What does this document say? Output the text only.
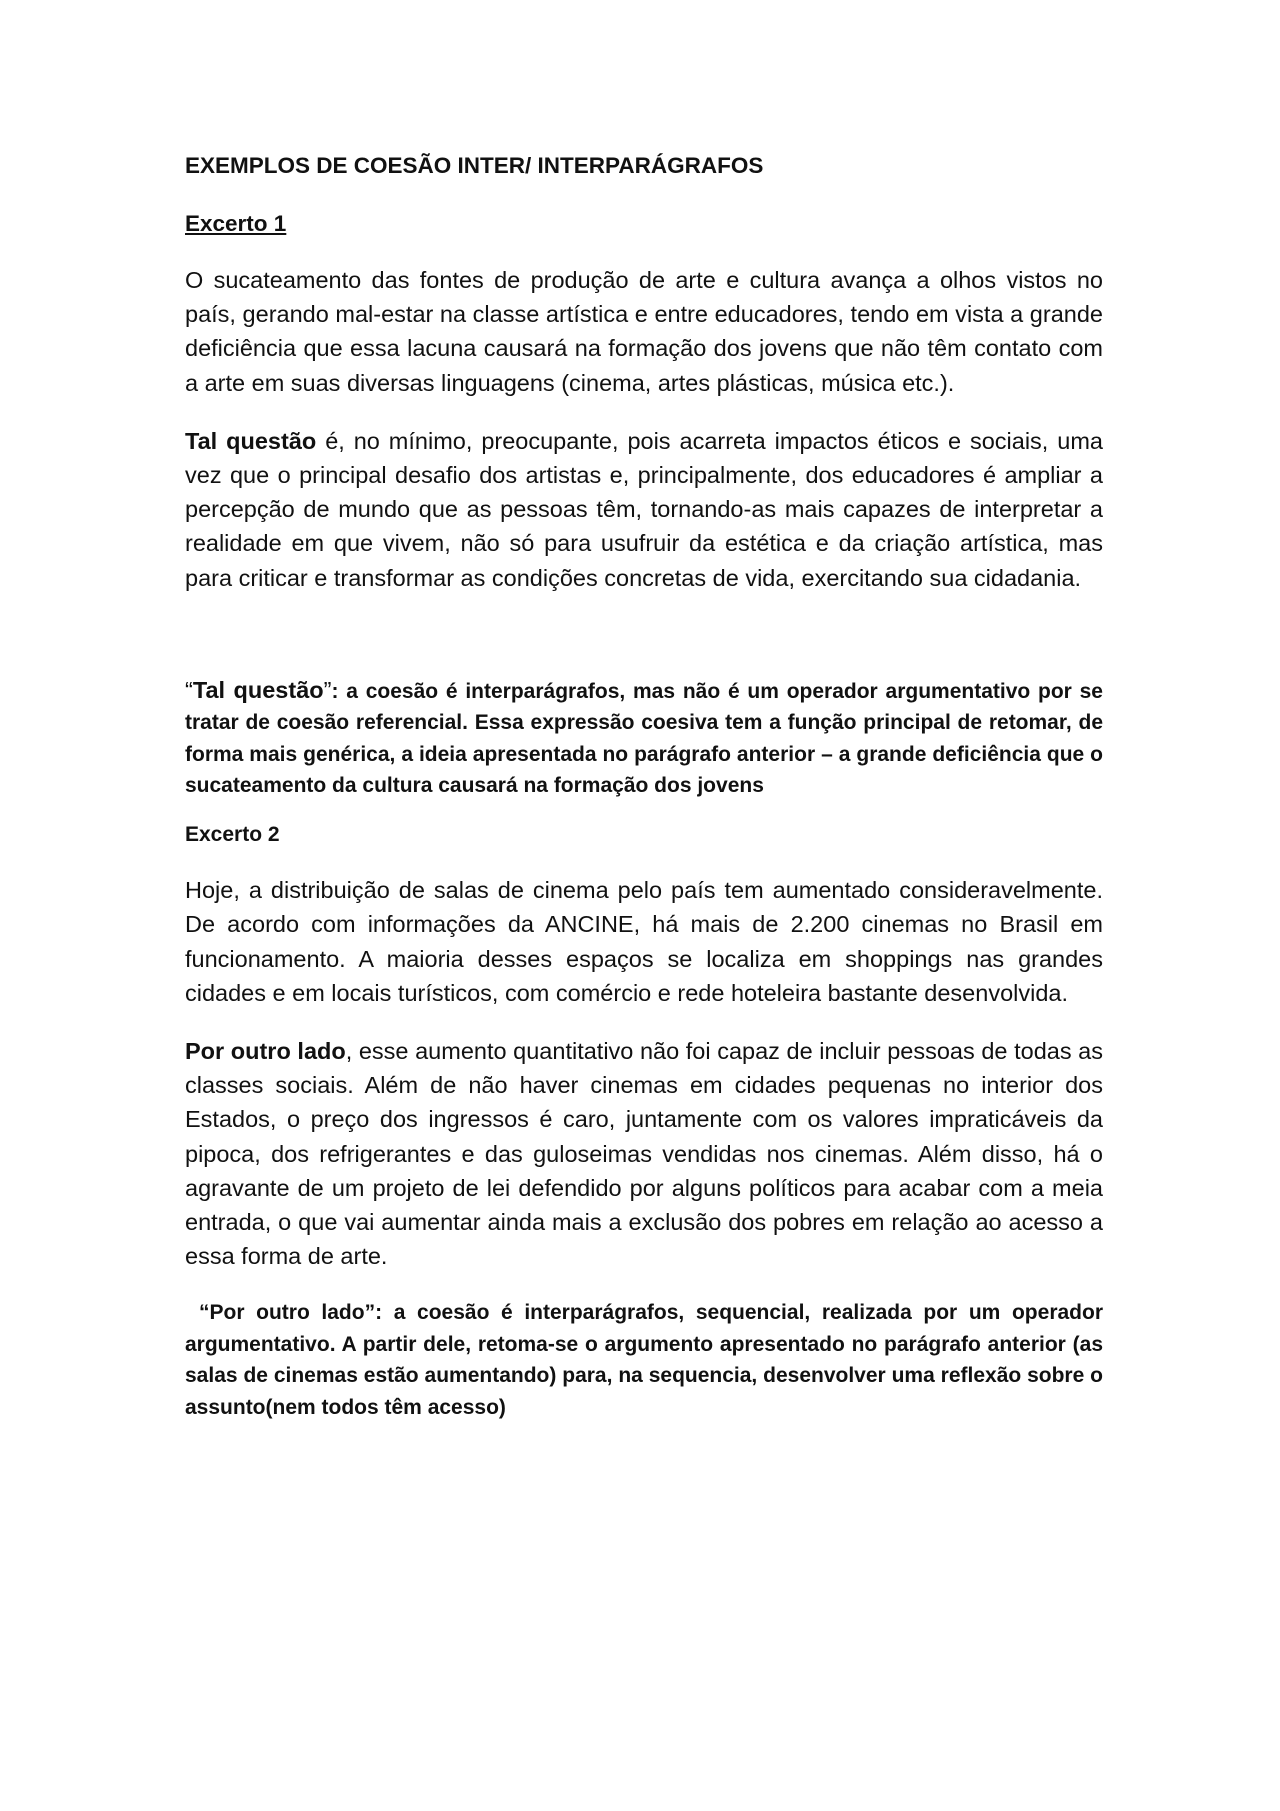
EXEMPLOS DE COESÃO INTER/ INTERPARÁGRAFOS
Excerto 1

O sucateamento das fontes de produção de arte e cultura avança a olhos vistos no país, gerando mal-estar na classe artística e entre educadores, tendo em vista a grande deficiência que essa lacuna causará na formação dos jovens que não têm contato com a arte em suas diversas linguagens (cinema, artes plásticas, música etc.).

Tal questão é, no mínimo, preocupante, pois acarreta impactos éticos e sociais, uma vez que o principal desafio dos artistas e, principalmente, dos educadores é ampliar a percepção de mundo que as pessoas têm, tornando-as mais capazes de interpretar a realidade em que vivem, não só para usufruir da estética e da criação artística, mas para criticar e transformar as condições concretas de vida, exercitando sua cidadania.

“Tal questão”: a coesão é interparágrafos, mas não é um operador argumentativo por se tratar de coesão referencial. Essa expressão coesiva tem a função principal de retomar, de forma mais genérica, a ideia apresentada no parágrafo anterior – a grande deficiência que o sucateamento da cultura causará na formação dos jovens

Excerto 2

Hoje, a distribuição de salas de cinema pelo país tem aumentado consideravelmente. De acordo com informações da ANCINE, há mais de 2.200 cinemas no Brasil em funcionamento. A maioria desses espaços se localiza em shoppings nas grandes cidades e em locais turísticos, com comércio e rede hoteleira bastante desenvolvida.

Por outro lado, esse aumento quantitativo não foi capaz de incluir pessoas de todas as classes sociais. Além de não haver cinemas em cidades pequenas no interior dos Estados, o preço dos ingressos é caro, juntamente com os valores impraticáveis da pipoca, dos refrigerantes e das guloseimas vendidas nos cinemas. Além disso, há o agravante de um projeto de lei defendido por alguns políticos para acabar com a meia entrada, o que vai aumentar ainda mais a exclusão dos pobres em relação ao acesso a essa forma de arte.

“Por outro lado”: a coesão é interparágrafos, sequencial, realizada por um operador argumentativo. A partir dele, retoma-se o argumento apresentado no parágrafo anterior (as salas de cinemas estão aumentando) para, na sequencia, desenvolver uma reflexão sobre o assunto(nem todos têm acesso)
